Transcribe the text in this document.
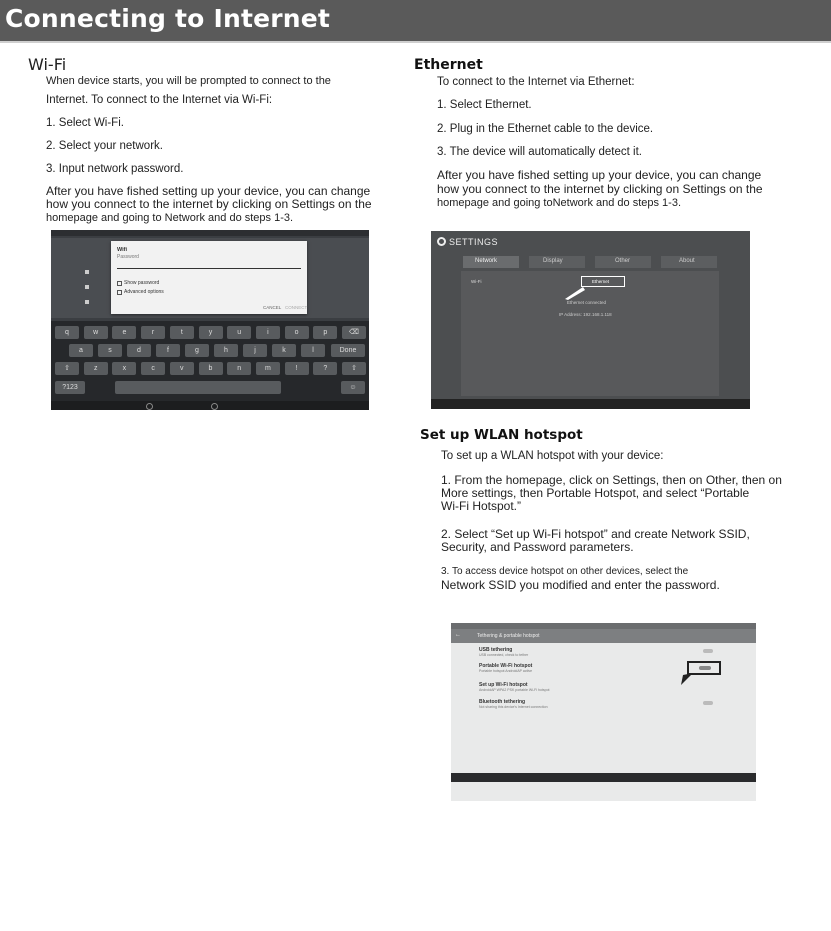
Connecting to Internet
Wi-Fi
When device starts, you will be prompted to connect to the
Internet. To connect to the Internet via Wi-Fi:
1. Select Wi-Fi.
2. Select your network.
3. Input network password.
After you have fished setting up your device, you can change
how you connect to the internet by clicking on Settings on the
homepage and going to Network and do steps 1-3.
Wifi
Password
Show password
Advanced options
CANCEL CONNECT
q	w	e	r	t	y	u	i	o	p	⌫
a	s	d	f	g	h	j	k	l	Done
⇧	z	x	c	v	b	n	m	!	?	⇧
?123	☺
Ethernet
To connect to the Internet via Ethernet:
1. Select Ethernet.
2. Plug in the Ethernet cable to the device.
3. The device will automatically detect it.
After you have fished setting up your device, you can change
how you connect to the internet by clicking on Settings on the
homepage and going toNetwork and do steps 1-3.
SETTINGS
Network	Display	Other	About
Wi-Fi	Ethernet
Ethernet connected
IP Address: 192.168.1.118
Set up WLAN hotspot
To set up a WLAN hotspot with your device:
1. From the homepage, click on Settings, then on Other, then on
More settings, then Portable Hotspot, and select “Portable
Wi-Fi Hotspot.”
2. Select “Set up Wi-Fi hotspot” and create Network SSID,
Security, and Password parameters.
3. To access device hotspot on other devices, select the
Network SSID you modified and enter the password.
←	Tethering & portable hotspot
USB tethering
USB connected, check to tether
Portable Wi-Fi hotspot
Portable hotspot AndroidAP active
Set up Wi-Fi hotspot
AndroidAP WPA2 PSK portable Wi-Fi hotspot
Bluetooth tethering
Not sharing this device's Internet connection
